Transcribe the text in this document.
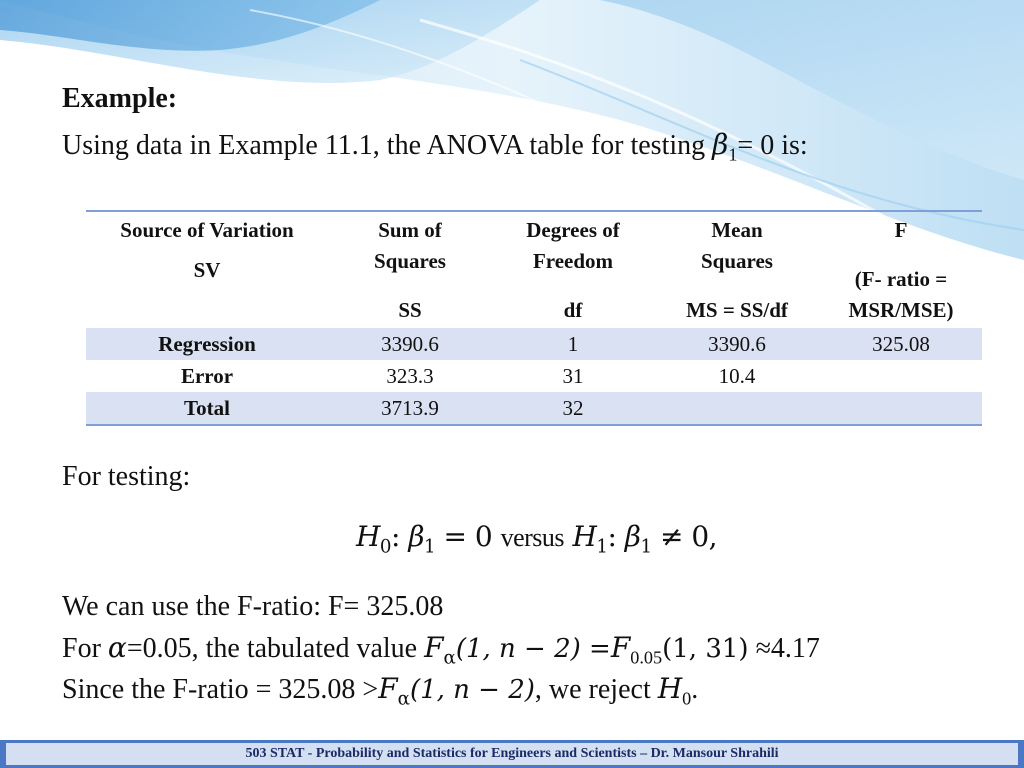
Example:
Using data in Example 11.1, the ANOVA table for testing $\beta_1= 0$ is:
Source of Variation	Sum of	Degrees of	Mean	F
SV	Squares	Freedom	Squares	(F- ratio =
	SS	df	MS = SS/df	MSR/MSE)
Regression	3390.6	1	3390.6	325.08
Error	323.3	31	10.4	
Total	3713.9	32		
For testing:
$H_0$: $\beta_1 = 0$ versus $H_1$: $\beta_1 \ne 0$,
We can use the F-ratio: F= 325.08
For α=0.05, the tabulated value $F_\alpha(1$, $n - 2) =F_{0.05}(1$, 31) ≈4.17
Since the F-ratio = $325.08 >F_\alpha(1$, n − 2), we reject $H_0$.
503 STAT - Probability and Statistics for Engineers and Scientists – Dr. Mansour Shrahili
